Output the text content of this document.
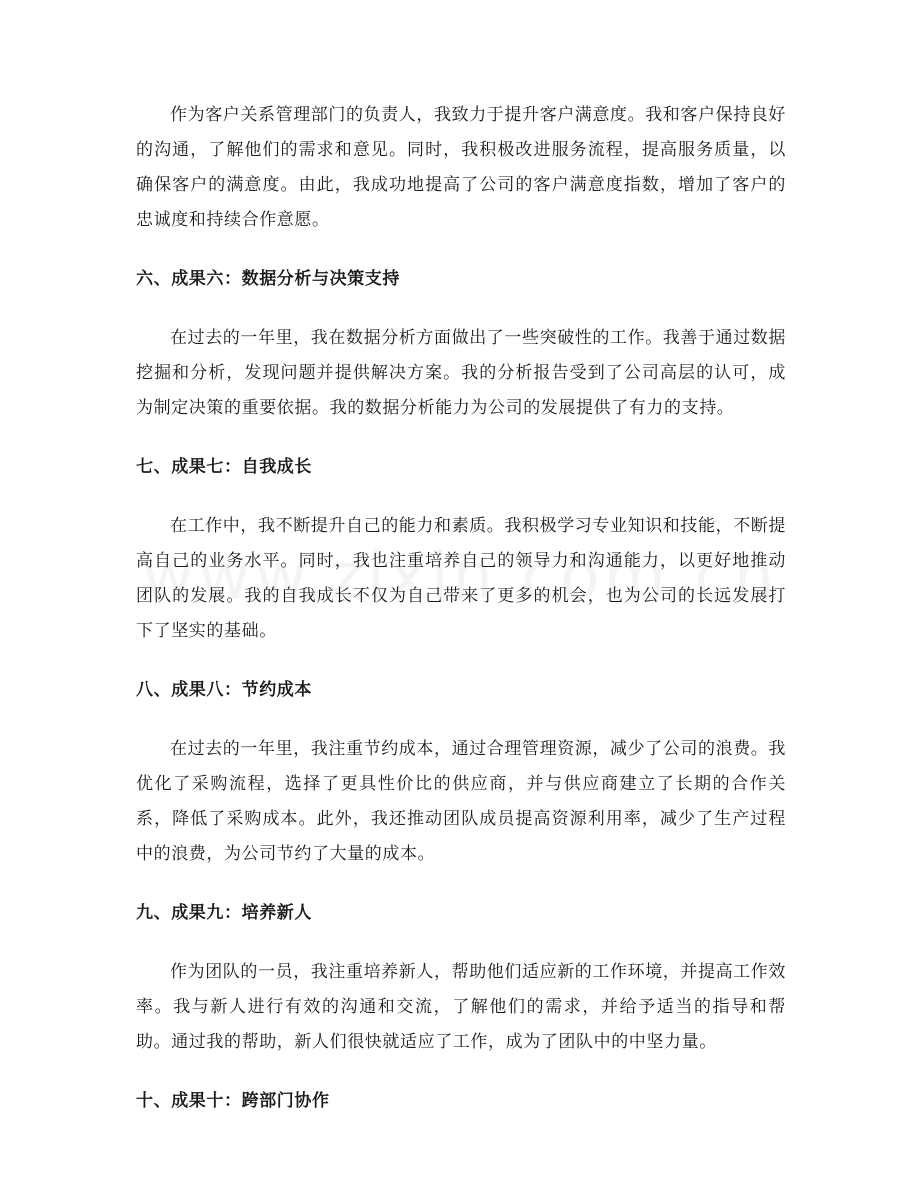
作为客户关系管理部门的负责人，我致力于提升客户满意度。我和客户保持良好的沟通，了解他们的需求和意见。同时，我积极改进服务流程，提高服务质量，以确保客户的满意度。由此，我成功地提高了公司的客户满意度指数，增加了客户的忠诚度和持续合作意愿。

六、成果六：数据分析与决策支持

在过去的一年里，我在数据分析方面做出了一些突破性的工作。我善于通过数据挖掘和分析，发现问题并提供解决方案。我的分析报告受到了公司高层的认可，成为制定决策的重要依据。我的数据分析能力为公司的发展提供了有力的支持。

七、成果七：自我成长

在工作中，我不断提升自己的能力和素质。我积极学习专业知识和技能，不断提高自己的业务水平。同时，我也注重培养自己的领导力和沟通能力，以更好地推动团队的发展。我的自我成长不仅为自己带来了更多的机会，也为公司的长远发展打下了坚实的基础。

八、成果八：节约成本

在过去的一年里，我注重节约成本，通过合理管理资源，减少了公司的浪费。我优化了采购流程，选择了更具性价比的供应商，并与供应商建立了长期的合作关系，降低了采购成本。此外，我还推动团队成员提高资源利用率，减少了生产过程中的浪费，为公司节约了大量的成本。

九、成果九：培养新人

作为团队的一员，我注重培养新人，帮助他们适应新的工作环境，并提高工作效率。我与新人进行有效的沟通和交流，了解他们的需求，并给予适当的指导和帮助。通过我的帮助，新人们很快就适应了工作，成为了团队中的中坚力量。

十、成果十：跨部门协作
